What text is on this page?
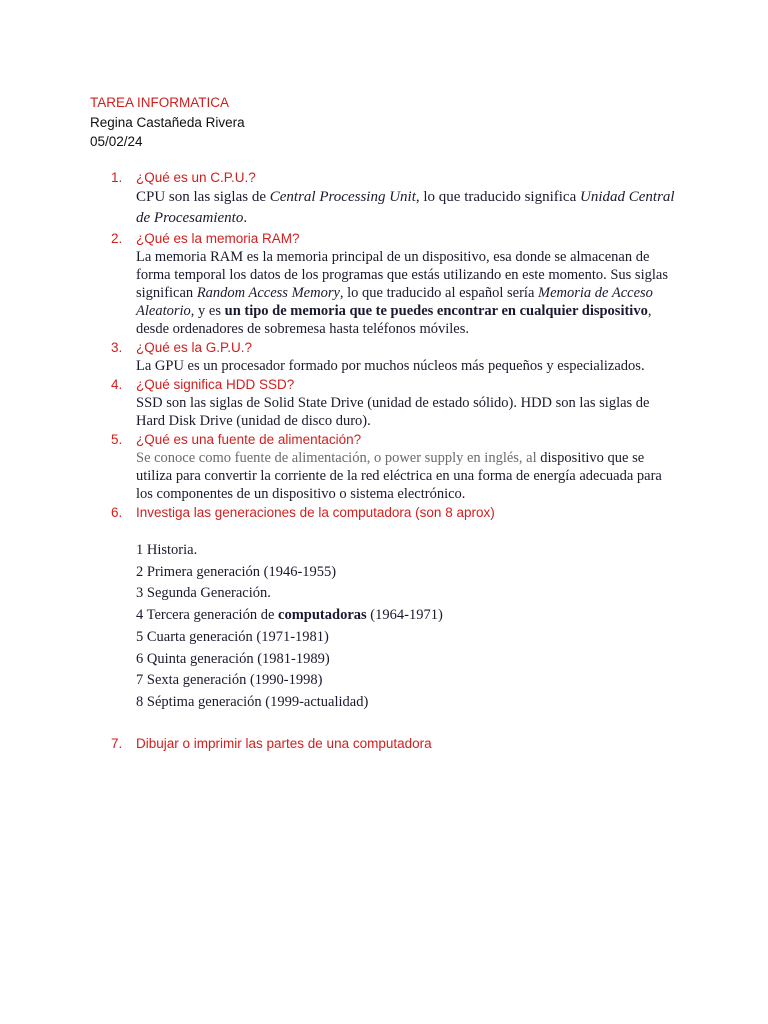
TAREA INFORMATICA
Regina Castañeda Rivera
05/02/24
1. ¿Qué es un C.P.U.?
CPU son las siglas de Central Processing Unit, lo que traducido significa Unidad Central de Procesamiento.
2. ¿Qué es la memoria RAM?
La memoria RAM es la memoria principal de un dispositivo, esa donde se almacenan de forma temporal los datos de los programas que estás utilizando en este momento. Sus siglas significan Random Access Memory, lo que traducido al español sería Memoria de Acceso Aleatorio, y es un tipo de memoria que te puedes encontrar en cualquier dispositivo, desde ordenadores de sobremesa hasta teléfonos móviles.
3. ¿Qué es la G.P.U.?
La GPU es un procesador formado por muchos núcleos más pequeños y especializados.
4. ¿Qué significa HDD SSD?
SSD son las siglas de Solid State Drive (unidad de estado sólido). HDD son las siglas de Hard Disk Drive (unidad de disco duro).
5. ¿Qué es una fuente de alimentación?
Se conoce como fuente de alimentación, o power supply en inglés, al dispositivo que se utiliza para convertir la corriente de la red eléctrica en una forma de energía adecuada para los componentes de un dispositivo o sistema electrónico.
6. Investiga las generaciones de la computadora (son 8 aprox)
1 Historia.
2 Primera generación (1946-1955)
3 Segunda Generación.
4 Tercera generación de computadoras (1964-1971)
5 Cuarta generación (1971-1981)
6 Quinta generación (1981-1989)
7 Sexta generación (1990-1998)
8 Séptima generación (1999-actualidad)
7. Dibujar o imprimir las partes de una computadora
